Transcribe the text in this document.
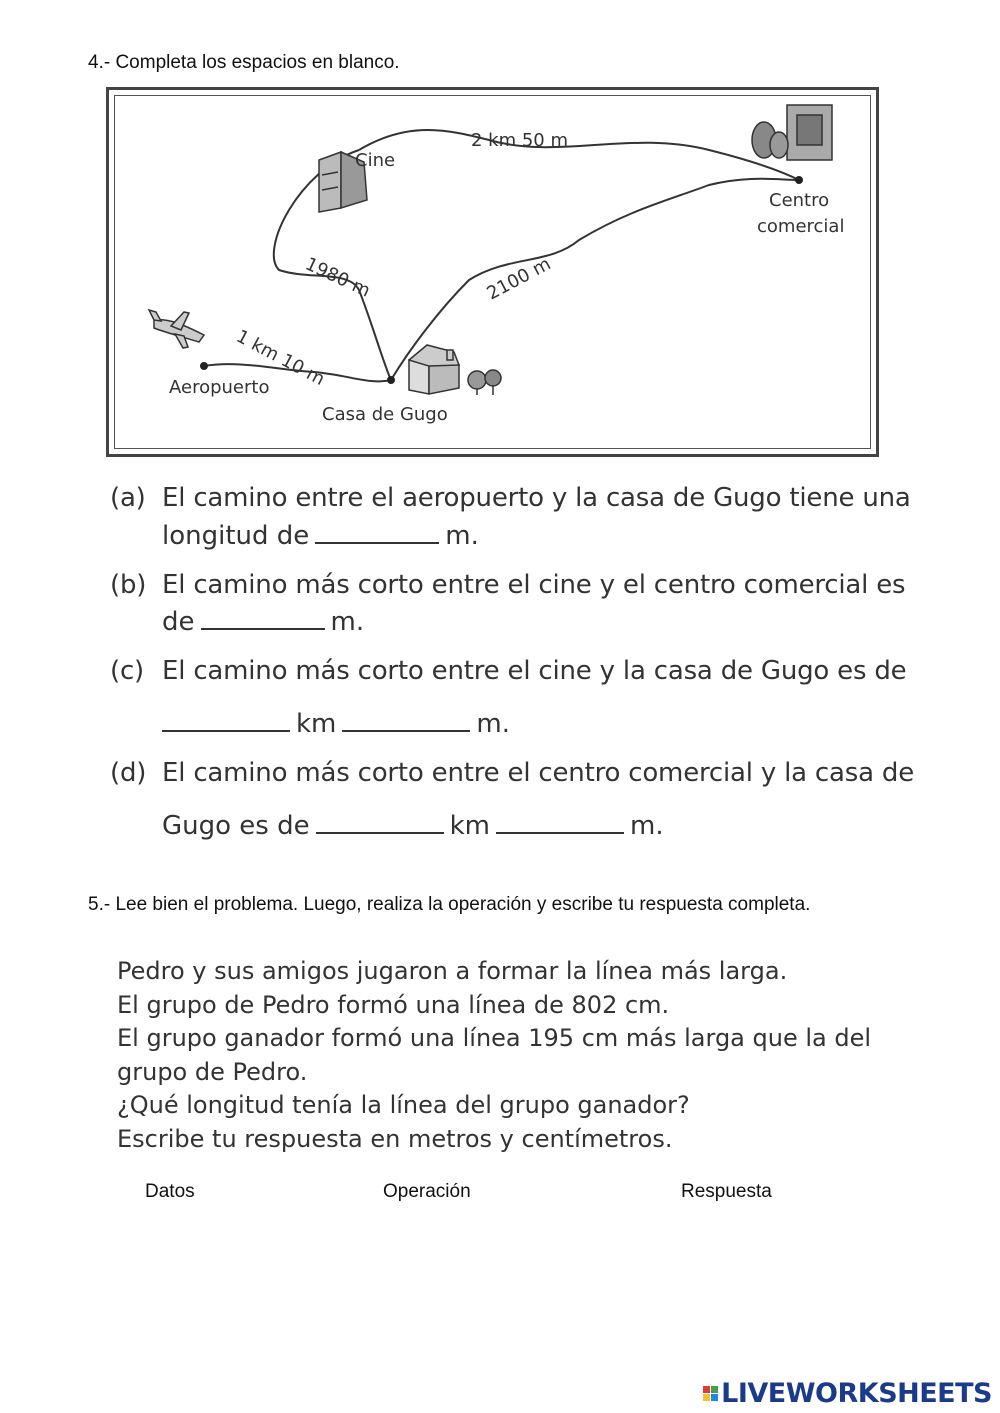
4.- Completa los espacios en blanco.
Cine
Centro
comercial
Aeropuerto
Casa de Gugo
2 km 50 m
1980 m	2100 m
1 km 10 m
(a) El camino entre el aeropuerto y la casa de Gugo tiene una
longitud de	m.
(b) El camino más corto entre el cine y el centro comercial es
de	m.
(c) El camino más corto entre el cine y la casa de Gugo es de
km	m.
(d) El camino más corto entre el centro comercial y la casa de
Gugo es de	km	m.
5.- Lee bien el problema. Luego, realiza la operación y escribe tu respuesta completa.
Pedro y sus amigos jugaron a formar la línea más larga.
El grupo de Pedro formó una línea de 802 cm.
El grupo ganador formó una línea 195 cm más larga que la del
grupo de Pedro.
¿Qué longitud tenía la línea del grupo ganador?
Escribe tu respuesta en metros y centímetros.
Datos	Operación	Respuesta
LIVEWORKSHEETS
